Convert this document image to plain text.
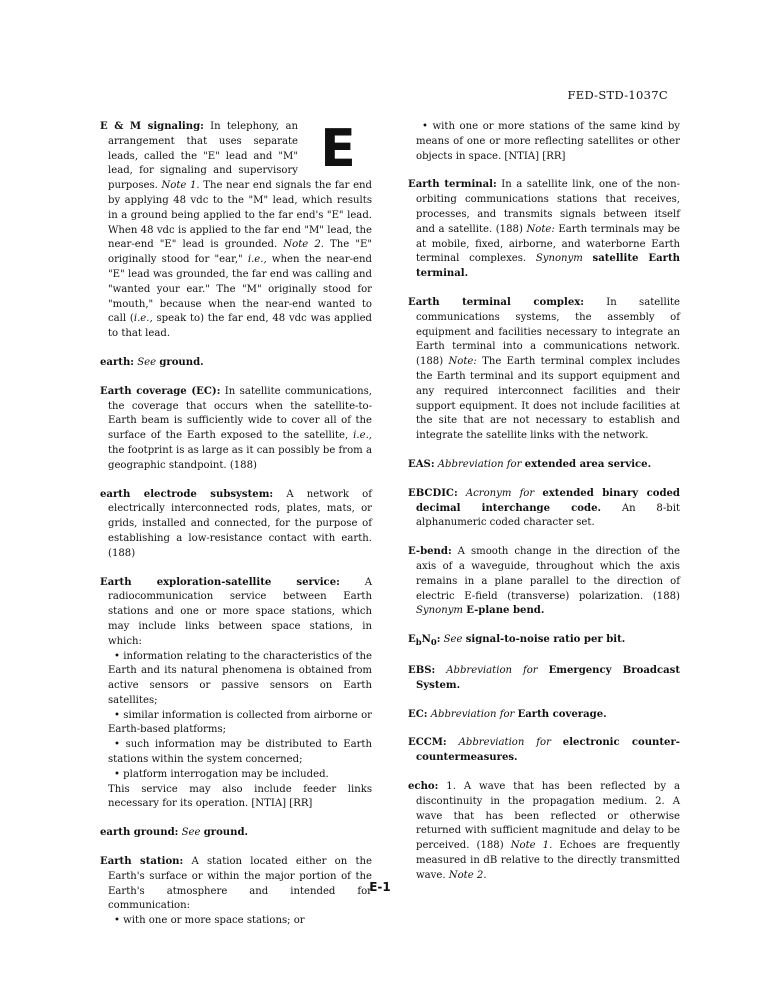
FED-STD-1037C
E
E & M signaling: In telephony, an arrangement that uses separate leads, called the "E" lead and "M" lead, for signaling and supervisory purposes. Note 1. The near end signals the far end by applying 48 vdc to the "M" lead, which results in a ground being applied to the far end's "E" lead. When 48 vdc is applied to the far end "M" lead, the near-end "E" lead is grounded. Note 2. The "E" originally stood for "ear," i.e., when the near-end "E" lead was grounded, the far end was calling and "wanted your ear." The "M" originally stood for "mouth," because when the near-end wanted to call (i.e., speak to) the far end, 48 vdc was applied to that lead.
earth: See ground.
Earth coverage (EC): In satellite communications, the coverage that occurs when the satellite-to-Earth beam is sufficiently wide to cover all of the surface of the Earth exposed to the satellite, i.e., the footprint is as large as it can possibly be from a geographic standpoint. (188)
earth electrode subsystem: A network of electrically interconnected rods, plates, mats, or grids, installed and connected, for the purpose of establishing a low-resistance contact with earth. (188)
Earth exploration-satellite service: A radiocommunication service between Earth stations and one or more space stations, which may include links between space stations, in which:
• information relating to the characteristics of the Earth and its natural phenomena is obtained from active sensors or passive sensors on Earth satellites;
• similar information is collected from airborne or Earth-based platforms;
• such information may be distributed to Earth stations within the system concerned;
• platform interrogation may be included.
This service may also include feeder links necessary for its operation. [NTIA] [RR]
earth ground: See ground.
Earth station: A station located either on the Earth's surface or within the major portion of the Earth's atmosphere and intended for communication:
• with one or more space stations; or
• with one or more stations of the same kind by means of one or more reflecting satellites or other objects in space. [NTIA] [RR]
Earth terminal: In a satellite link, one of the non-orbiting communications stations that receives, processes, and transmits signals between itself and a satellite. (188) Note: Earth terminals may be at mobile, fixed, airborne, and waterborne Earth terminal complexes. Synonym satellite Earth terminal.
Earth terminal complex: In satellite communications systems, the assembly of equipment and facilities necessary to integrate an Earth terminal into a communications network. (188) Note: The Earth terminal complex includes the Earth terminal and its support equipment and any required interconnect facilities and their support equipment. It does not include facilities at the site that are not necessary to establish and integrate the satellite links with the network.
EAS: Abbreviation for extended area service.
EBCDIC: Acronym for extended binary coded decimal interchange code. An 8-bit alphanumeric coded character set.
E-bend: A smooth change in the direction of the axis of a waveguide, throughout which the axis remains in a plane parallel to the direction of electric E-field (transverse) polarization. (188) Synonym E-plane bend.
$E_bN_0$: See signal-to-noise ratio per bit.
EBS: Abbreviation for Emergency Broadcast System.
EC: Abbreviation for Earth coverage.
ECCM: Abbreviation for electronic counter-countermeasures.
echo: 1. A wave that has been reflected by a discontinuity in the propagation medium. 2. A wave that has been reflected or otherwise returned with sufficient magnitude and delay to be perceived. (188) Note 1. Echoes are frequently measured in dB relative to the directly transmitted wave. Note 2.
E-1
